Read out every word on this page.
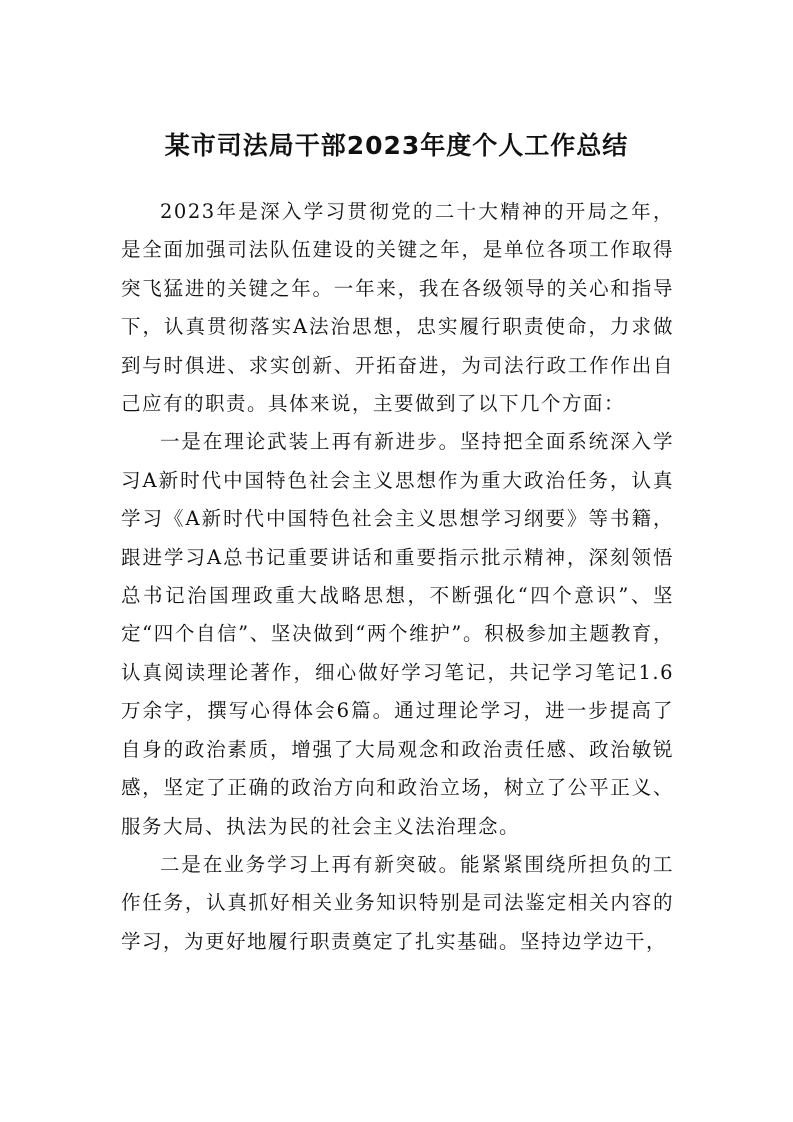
某市司法局干部2023年度个人工作总结

2023年是深入学习贯彻党的二十大精神的开局之年，是全面加强司法队伍建设的关键之年，是单位各项工作取得突飞猛进的关键之年。一年来，我在各级领导的关心和指导下，认真贯彻落实A法治思想，忠实履行职责使命，力求做到与时俱进、求实创新、开拓奋进，为司法行政工作作出自己应有的职责。具体来说，主要做到了以下几个方面：

一是在理论武装上再有新进步。坚持把全面系统深入学习A新时代中国特色社会主义思想作为重大政治任务，认真学习《A新时代中国特色社会主义思想学习纲要》等书籍，跟进学习A总书记重要讲话和重要指示批示精神，深刻领悟总书记治国理政重大战略思想，不断强化“四个意识”、坚定“四个自信”、坚决做到“两个维护”。积极参加主题教育，认真阅读理论著作，细心做好学习笔记，共记学习笔记1.6万余字，撰写心得体会6篇。通过理论学习，进一步提高了自身的政治素质，增强了大局观念和政治责任感、政治敏锐感，坚定了正确的政治方向和政治立场，树立了公平正义、服务大局、执法为民的社会主义法治理念。

二是在业务学习上再有新突破。能紧紧围绕所担负的工作任务，认真抓好相关业务知识特别是司法鉴定相关内容的学习，为更好地履行职责奠定了扎实基础。坚持边学边干，
